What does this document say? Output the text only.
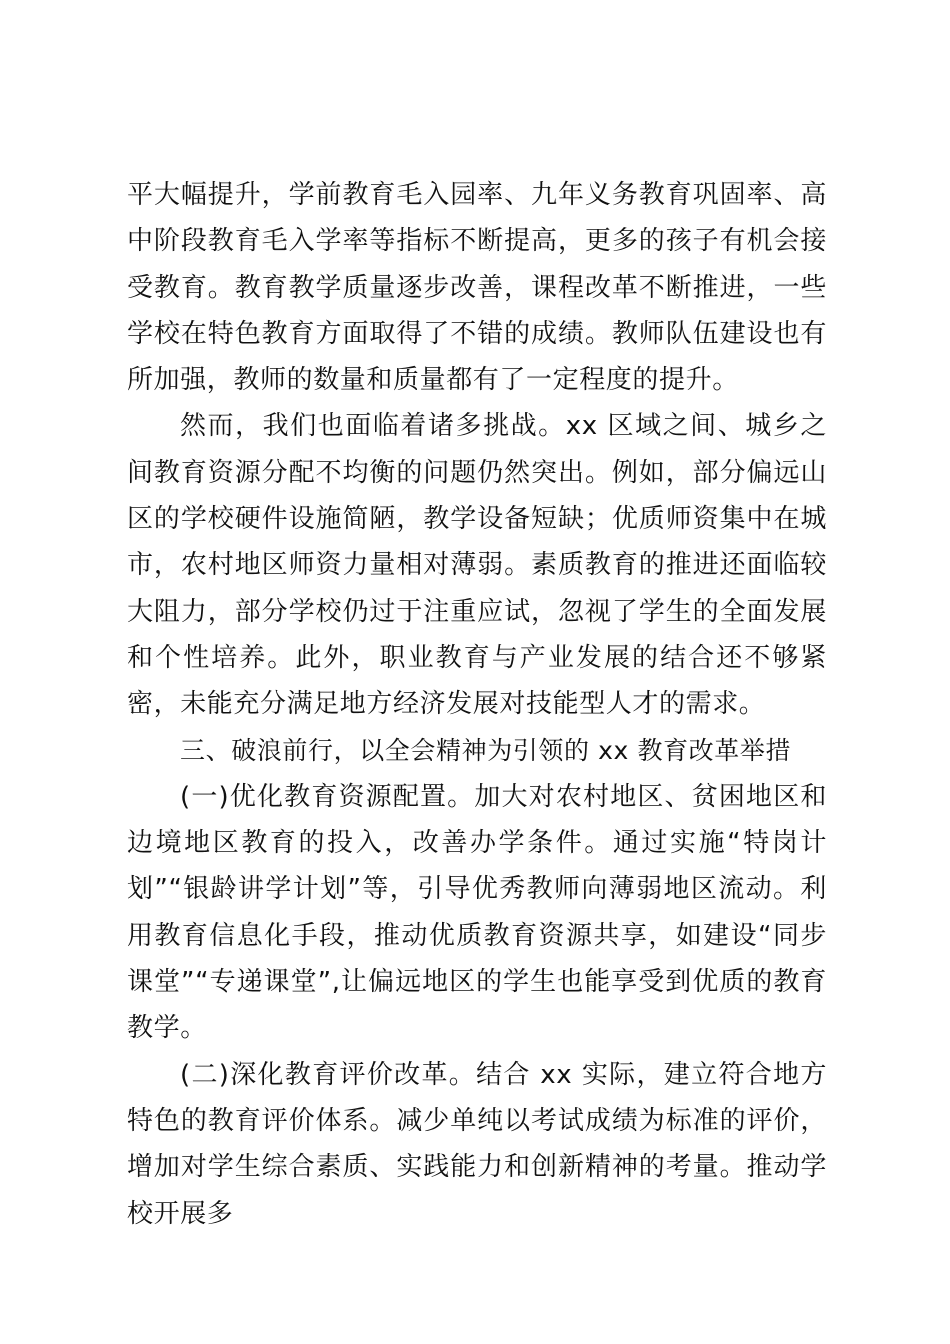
平大幅提升，学前教育毛入园率、九年义务教育巩固率、高中阶段教育毛入学率等指标不断提高，更多的孩子有机会接受教育。教育教学质量逐步改善，课程改革不断推进，一些学校在特色教育方面取得了不错的成绩。教师队伍建设也有所加强，教师的数量和质量都有了一定程度的提升。

然而，我们也面临着诸多挑战。xx 区域之间、城乡之间教育资源分配不均衡的问题仍然突出。例如，部分偏远山区的学校硬件设施简陋，教学设备短缺；优质师资集中在城市，农村地区师资力量相对薄弱。素质教育的推进还面临较大阻力，部分学校仍过于注重应试，忽视了学生的全面发展和个性培养。此外，职业教育与产业发展的结合还不够紧密，未能充分满足地方经济发展对技能型人才的需求。

三、破浪前行，以全会精神为引领的 xx 教育改革举措

(一)优化教育资源配置。加大对农村地区、贫困地区和边境地区教育的投入，改善办学条件。通过实施“特岗计划”“银龄讲学计划”等，引导优秀教师向薄弱地区流动。利用教育信息化手段，推动优质教育资源共享，如建设“同步课堂”“专递课堂”,让偏远地区的学生也能享受到优质的教育教学。

(二)深化教育评价改革。结合 xx 实际，建立符合地方特色的教育评价体系。减少单纯以考试成绩为标准的评价，增加对学生综合素质、实践能力和创新精神的考量。推动学校开展多
